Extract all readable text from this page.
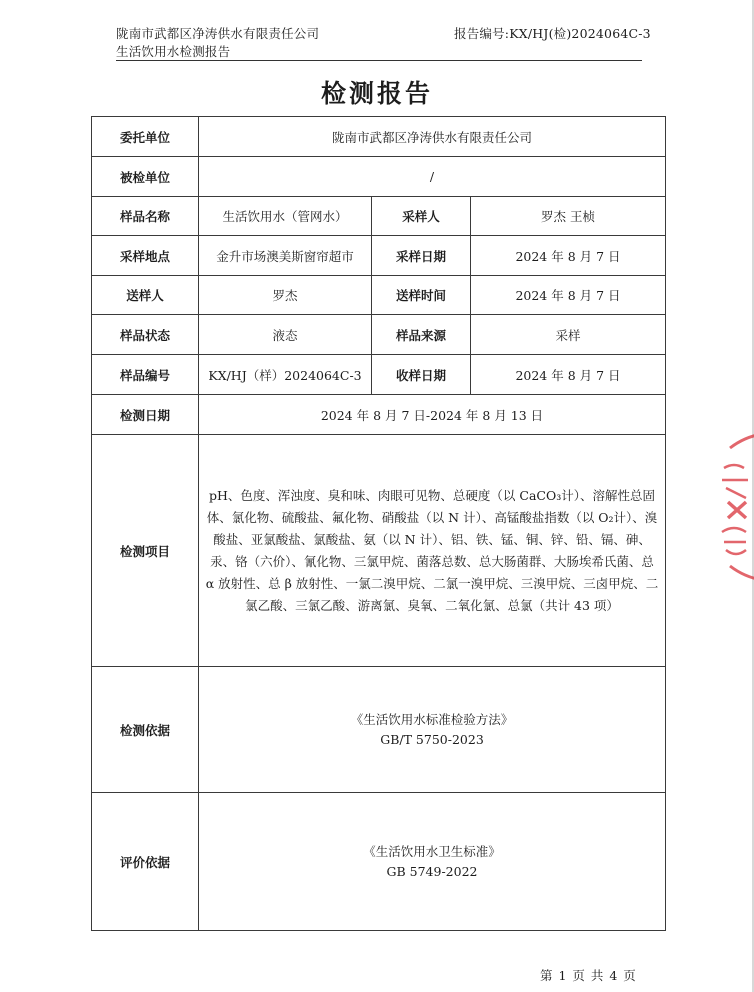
陇南市武都区净涛供水有限责任公司
生活饮用水检测报告
报告编号:KX/HJ(检)2024064C-3
检测报告
委托单位	陇南市武都区净涛供水有限责任公司		
被检单位	/		
样品名称	生活饮用水（管网水）	采样人	罗杰 王桢
采样地点	金升市场澳美斯窗帘超市	采样日期	2024 年 8 月 7 日
送样人	罗杰	送样时间	2024 年 8 月 7 日
样品状态	液态	样品来源	采样
样品编号	KX/HJ（样）2024064C-3	收样日期	2024 年 8 月 7 日
检测日期	2024 年 8 月 7 日-2024 年 8 月 13 日		
检测项目	pH、色度、浑浊度、臭和味、肉眼可见物、总硬度（以 CaCO₃计）、溶解性总固体、氯化物、硫酸盐、氟化物、硝酸盐（以 N 计）、高锰酸盐指数（以 O₂计）、溴酸盐、亚氯酸盐、氯酸盐、氨（以 N 计）、铝、铁、锰、铜、锌、铅、镉、砷、汞、铬（六价）、氰化物、三氯甲烷、菌落总数、总大肠菌群、大肠埃希氏菌、总 α 放射性、总 β 放射性、一氯二溴甲烷、二氯一溴甲烷、三溴甲烷、三卤甲烷、二氯乙酸、三氯乙酸、游离氯、臭氧、二氧化氯、总氯（共计 43 项）		
检测依据	《生活饮用水标准检验方法》
GB/T 5750-2023		

评价依据	《生活饮用水卫生标准》
GB 5749-2022		
第 1 页 共 4 页
